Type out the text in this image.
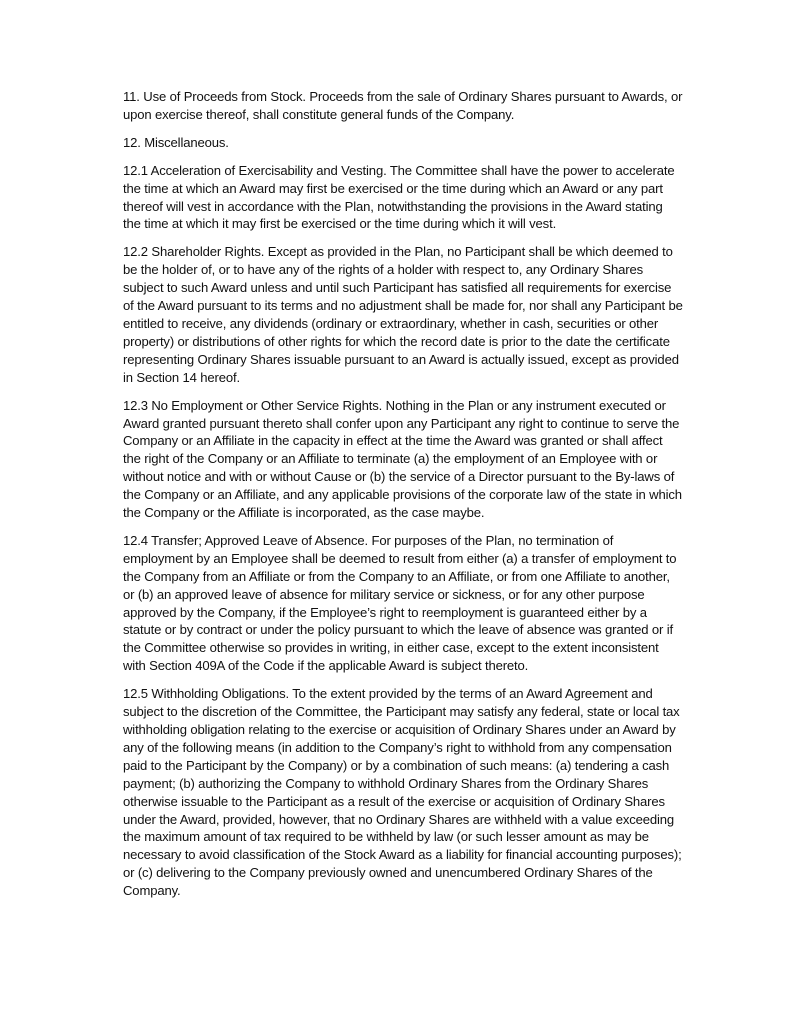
11. Use of Proceeds from Stock. Proceeds from the sale of Ordinary Shares pursuant to Awards, or upon exercise thereof, shall constitute general funds of the Company.

12. Miscellaneous.

12.1 Acceleration of Exercisability and Vesting. The Committee shall have the power to accelerate the time at which an Award may first be exercised or the time during which an Award or any part thereof will vest in accordance with the Plan, notwithstanding the provisions in the Award stating the time at which it may first be exercised or the time during which it will vest.

12.2 Shareholder Rights. Except as provided in the Plan, no Participant shall be which deemed to be the holder of, or to have any of the rights of a holder with respect to, any Ordinary Shares subject to such Award unless and until such Participant has satisfied all requirements for exercise of the Award pursuant to its terms and no adjustment shall be made for, nor shall any Participant be entitled to receive, any dividends (ordinary or extraordinary, whether in cash, securities or other property) or distributions of other rights for which the record date is prior to the date the certificate representing Ordinary Shares issuable pursuant to an Award is actually issued, except as provided in Section 14 hereof.

12.3 No Employment or Other Service Rights. Nothing in the Plan or any instrument executed or Award granted pursuant thereto shall confer upon any Participant any right to continue to serve the Company or an Affiliate in the capacity in effect at the time the Award was granted or shall affect the right of the Company or an Affiliate to terminate (a) the employment of an Employee with or without notice and with or without Cause or (b) the service of a Director pursuant to the By-laws of the Company or an Affiliate, and any applicable provisions of the corporate law of the state in which the Company or the Affiliate is incorporated, as the case maybe.

12.4 Transfer; Approved Leave of Absence. For purposes of the Plan, no termination of employment by an Employee shall be deemed to result from either (a) a transfer of employment to the Company from an Affiliate or from the Company to an Affiliate, or from one Affiliate to another, or (b) an approved leave of absence for military service or sickness, or for any other purpose approved by the Company, if the Employee’s right to reemployment is guaranteed either by a statute or by contract or under the policy pursuant to which the leave of absence was granted or if the Committee otherwise so provides in writing, in either case, except to the extent inconsistent with Section 409A of the Code if the applicable Award is subject thereto.

12.5 Withholding Obligations. To the extent provided by the terms of an Award Agreement and subject to the discretion of the Committee, the Participant may satisfy any federal, state or local tax withholding obligation relating to the exercise or acquisition of Ordinary Shares under an Award by any of the following means (in addition to the Company’s right to withhold from any compensation paid to the Participant by the Company) or by a combination of such means: (a) tendering a cash payment; (b) authorizing the Company to withhold Ordinary Shares from the Ordinary Shares otherwise issuable to the Participant as a result of the exercise or acquisition of Ordinary Shares under the Award, provided, however, that no Ordinary Shares are withheld with a value exceeding the maximum amount of tax required to be withheld by law (or such lesser amount as may be necessary to avoid classification of the Stock Award as a liability for financial accounting purposes); or (c) delivering to the Company previously owned and unencumbered Ordinary Shares of the Company.
